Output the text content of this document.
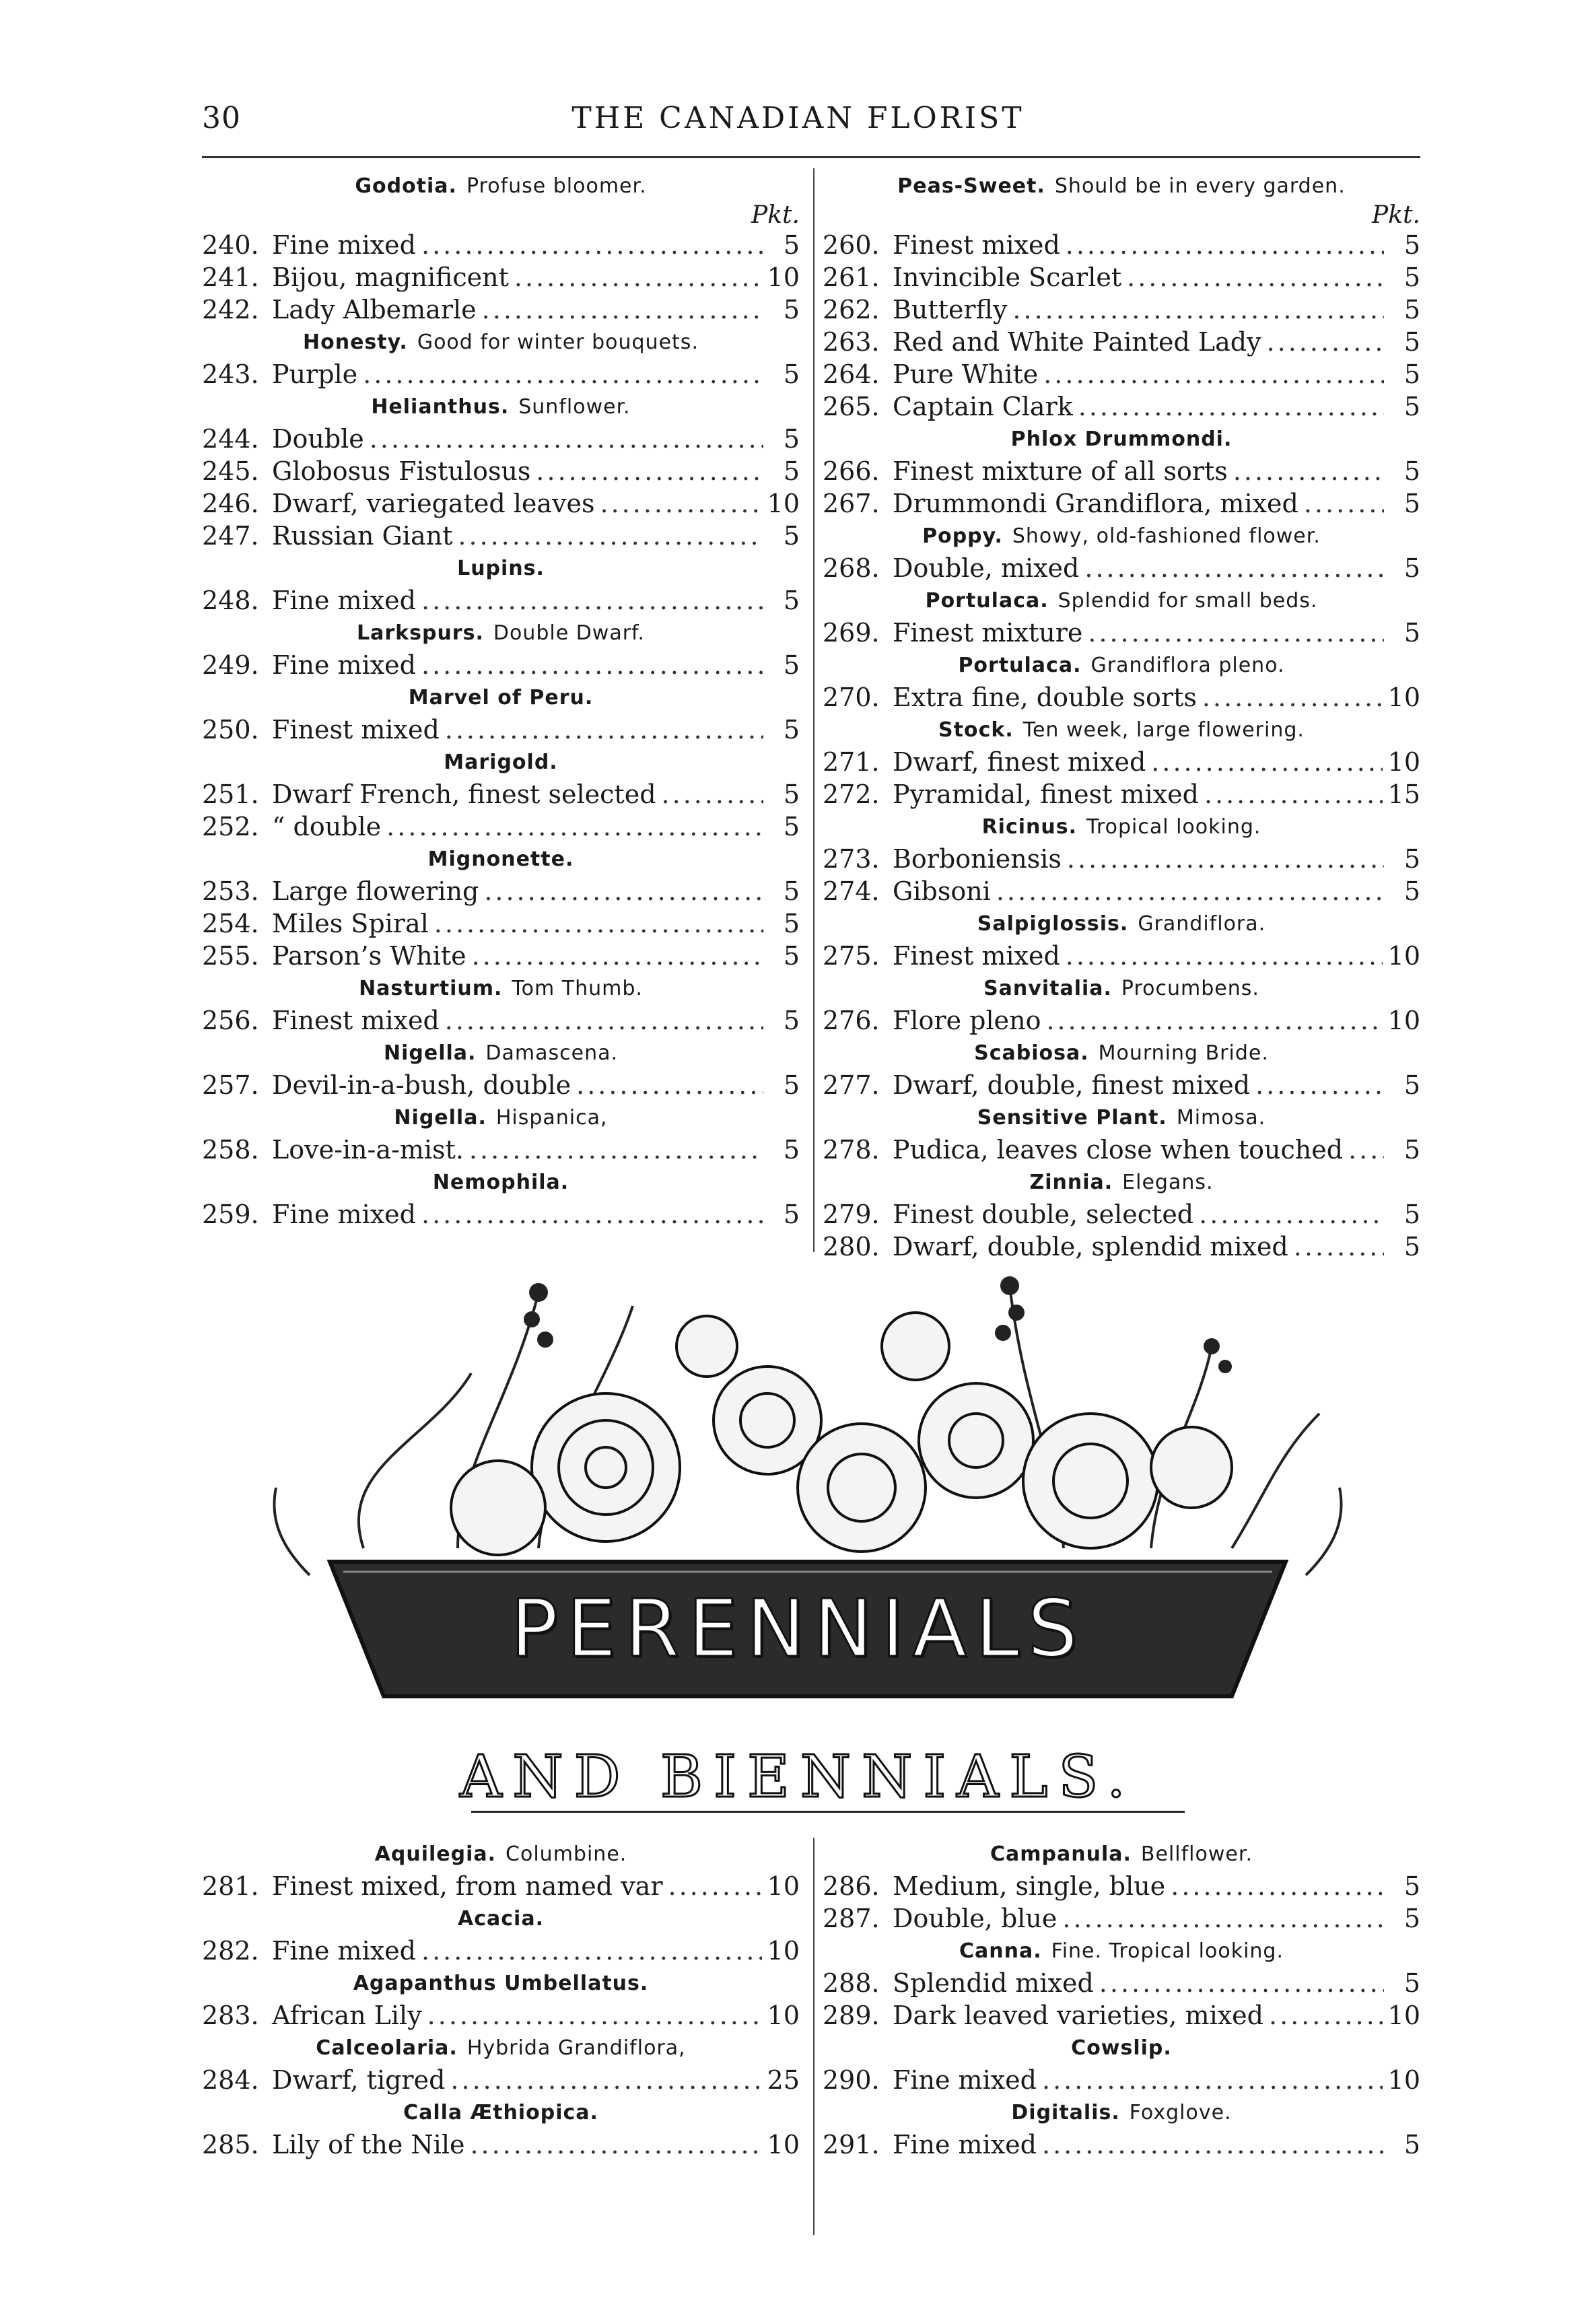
30	THE CANADIAN FLORIST
Godotia. Profuse bloomer.
Pkt.
240. Fine mixed .....	5
241. Bijou, magnificent .....	10
242. Lady Albemarle .....	5
Honesty. Good for winter bouquets.
243. Purple .....	5
Helianthus. Sunflower.
244. Double .....	5
245. Globosus Fistulosus .....	5
246. Dwarf, variegated leaves .....	10
247. Russian Giant .....	5
Lupins.
248. Fine mixed .....	5
Larkspurs. Double Dwarf.
249. Fine mixed .....	5
Marvel of Peru.
250. Finest mixed .....	5
Marigold.
251. Dwarf French, finest selected .....	5
252. “ double .....	5
Mignonette.
253. Large flowering .....	5
254. Miles Spiral .....	5
255. Parson’s White .....	5
Nasturtium. Tom Thumb.
256. Finest mixed .....	5
Nigella. Damascena.
257. Devil-in-a-bush, double .....	5
Nigella. Hispanica,
258. Love-in-a-mist. .....	5
Nemophila.
259. Fine mixed .....	5
Peas-Sweet. Should be in every garden.
Pkt.
260. Finest mixed .....	5
261. Invincible Scarlet .....	5
262. Butterfly .....	5
263. Red and White Painted Lady .....	5
264. Pure White .....	5
265. Captain Clark .....	5
Phlox Drummondi.
266. Finest mixture of all sorts .....	5
267. Drummondi Grandiflora, mixed .....	5
Poppy. Showy, old-fashioned flower.
268. Double, mixed .....	5
Portulaca. Splendid for small beds.
269. Finest mixture .....	5
Portulaca. Grandiflora pleno.
270. Extra fine, double sorts .....	10
Stock. Ten week, large flowering.
271. Dwarf, finest mixed .....	10
272. Pyramidal, finest mixed .....	15
Ricinus. Tropical looking.
273. Borboniensis .....	5
274. Gibsoni .....	5
Salpiglossis. Grandiflora.
275. Finest mixed .....	10
Sanvitalia. Procumbens.
276. Flore pleno .....	10
Scabiosa. Mourning Bride.
277. Dwarf, double, finest mixed .....	5
Sensitive Plant. Mimosa.
278. Pudica, leaves close when touched .....	5
Zinnia. Elegans.
279. Finest double, selected .....	5
280. Dwarf, double, splendid mixed .....	5
PERENNIALS
AND BIENNIALS.
Aquilegia. Columbine.
281. Finest mixed, from named var .....	10
Acacia.
282. Fine mixed .....	10
Agapanthus Umbellatus.
283. African Lily .....	10
Calceolaria. Hybrida Grandiflora,
284. Dwarf, tigred .....	25
Calla Æthiopica.
285. Lily of the Nile .....	10
Campanula. Bellflower.
286. Medium, single, blue .....	5
287. Double, blue .....	5
Canna. Fine. Tropical looking.
288. Splendid mixed .....	5
289. Dark leaved varieties, mixed .....	10
Cowslip.
290. Fine mixed .....	10
Digitalis. Foxglove.
291. Fine mixed .....	5
